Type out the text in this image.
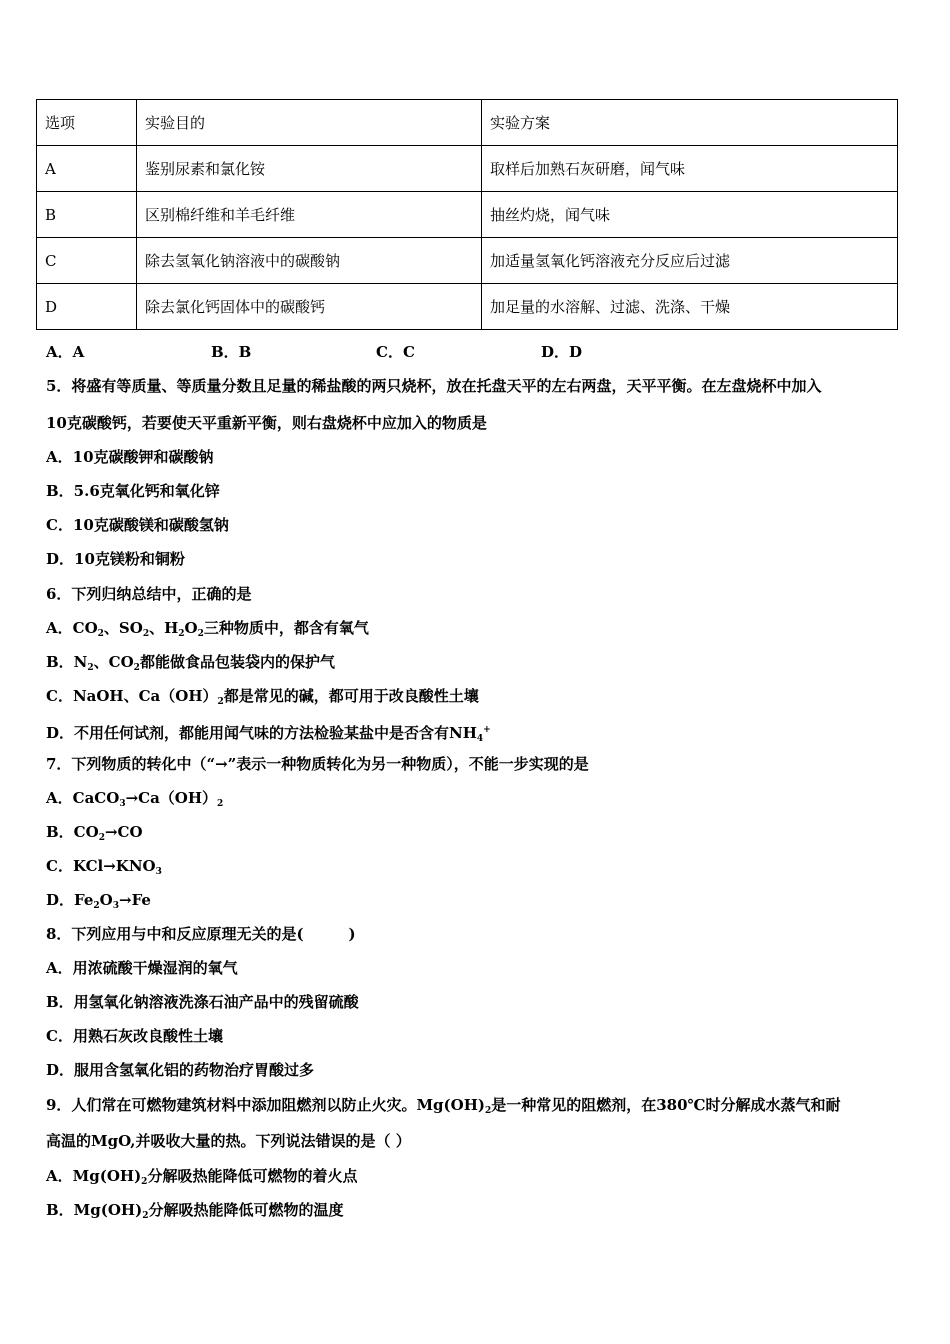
选项	实验目的	实验方案
A	鉴别尿素和氯化铵	取样后加熟石灰研磨，闻气味
B	区别棉纤维和羊毛纤维	抽丝灼烧，闻气味
C	除去氢氧化钠溶液中的碳酸钠	加适量氢氧化钙溶液充分反应后过滤
D	除去氯化钙固体中的碳酸钙	加足量的水溶解、过滤、洗涤、干燥
A．A	B．B	C．C	D．D
5．将盛有等质量、等质量分数且足量的稀盐酸的两只烧杯，放在托盘天平的左右两盘，天平平衡。在左盘烧杯中加入
10克碳酸钙，若要使天平重新平衡，则右盘烧杯中应加入的物质是
A．10克碳酸钾和碳酸钠
B．5.6克氧化钙和氧化锌
C．10克碳酸镁和碳酸氢钠
D．10克镁粉和铜粉
6．下列归纳总结中，正确的是
A．$CO_2$、$SO_2$、$H_2O_2$三种物质中，都含有氧气
B．$N_2$、$CO_2$都能做食品包装袋内的保护气
C．NaOH、$Ca(OH)_2$都是常见的碱，都可用于改良酸性土壤
D．不用任何试剂，都能用闻气味的方法检验某盐中是否含有$NH_4^+$
7．下列物质的转化中（“→”表示一种物质转化为另一种物质），不能一步实现的是
A．$CaCO_3\to Ca(OH)_2$
B．$CO_2\to CO$
C．$KCl\to KNO_3$
D．$Fe_2O_3\to Fe$
8．下列应用与中和反应原理无关的是(　　　)
A．用浓硫酸干燥湿润的氧气
B．用氢氧化钠溶液洗涤石油产品中的残留硫酸
C．用熟石灰改良酸性土壤
D．服用含氢氧化铝的药物治疗胃酸过多
9．人们常在可燃物建筑材料中添加阻燃剂以防止火灾。$Mg(OH)_2$是一种常见的阻燃剂，在380℃时分解成水蒸气和耐
高温的MgO,并吸收大量的热。下列说法错误的是（ ）
A．$Mg(OH)_2$分解吸热能降低可燃物的着火点
B．$Mg(OH)_2$分解吸热能降低可燃物的温度
